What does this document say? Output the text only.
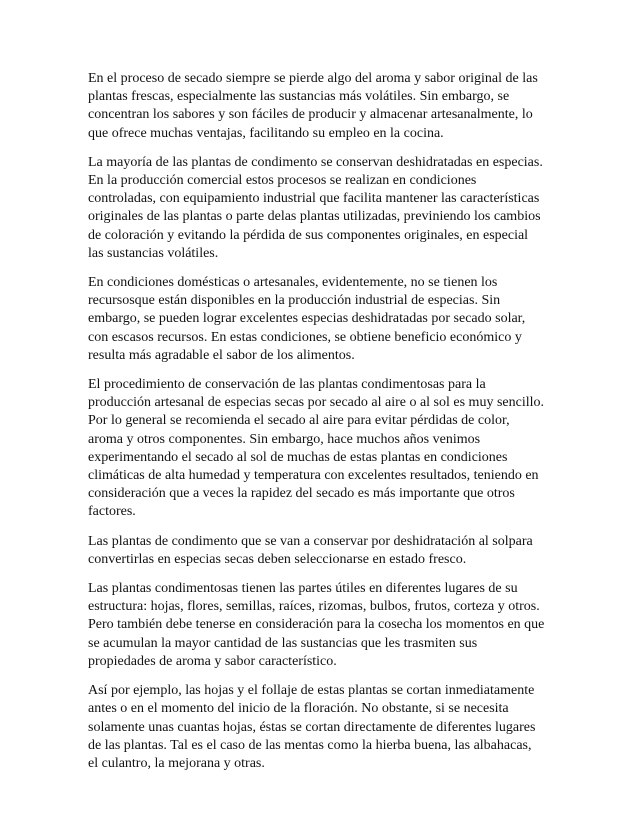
En el proceso de secado siempre se pierde algo del aroma y sabor original de las
plantas frescas, especialmente las sustancias más volátiles. Sin embargo, se
concentran los sabores y son fáciles de producir y almacenar artesanalmente, lo
que ofrece muchas ventajas, facilitando su empleo en la cocina.

La mayoría de las plantas de condimento se conservan deshidratadas en especias.
En la producción comercial estos procesos se realizan en condiciones
controladas, con equipamiento industrial que facilita mantener las características
originales de las plantas o parte delas plantas utilizadas, previniendo los cambios
de coloración y evitando la pérdida de sus componentes originales, en especial
las sustancias volátiles.

En condiciones domésticas o artesanales, evidentemente, no se tienen los
recursosque están disponibles en la producción industrial de especias. Sin
embargo, se pueden lograr excelentes especias deshidratadas por secado solar,
con escasos recursos. En estas condiciones, se obtiene beneficio económico y
resulta más agradable el sabor de los alimentos.

El procedimiento de conservación de las plantas condimentosas para la
producción artesanal de especias secas por secado al aire o al sol es muy sencillo.
Por lo general se recomienda el secado al aire para evitar pérdidas de color,
aroma y otros componentes. Sin embargo, hace muchos años venimos
experimentando el secado al sol de muchas de estas plantas en condiciones
climáticas de alta humedad y temperatura con excelentes resultados, teniendo en
consideración que a veces la rapidez del secado es más importante que otros
factores.

Las plantas de condimento que se van a conservar por deshidratación al solpara
convertirlas en especias secas deben seleccionarse en estado fresco.

Las plantas condimentosas tienen las partes útiles en diferentes lugares de su
estructura: hojas, flores, semillas, raíces, rizomas, bulbos, frutos, corteza y otros.
Pero también debe tenerse en consideración para la cosecha los momentos en que
se acumulan la mayor cantidad de las sustancias que les trasmiten sus
propiedades de aroma y sabor característico.

Así por ejemplo, las hojas y el follaje de estas plantas se cortan inmediatamente
antes o en el momento del inicio de la floración. No obstante, si se necesita
solamente unas cuantas hojas, éstas se cortan directamente de diferentes lugares
de las plantas. Tal es el caso de las mentas como la hierba buena, las albahacas,
el culantro, la mejorana y otras.
